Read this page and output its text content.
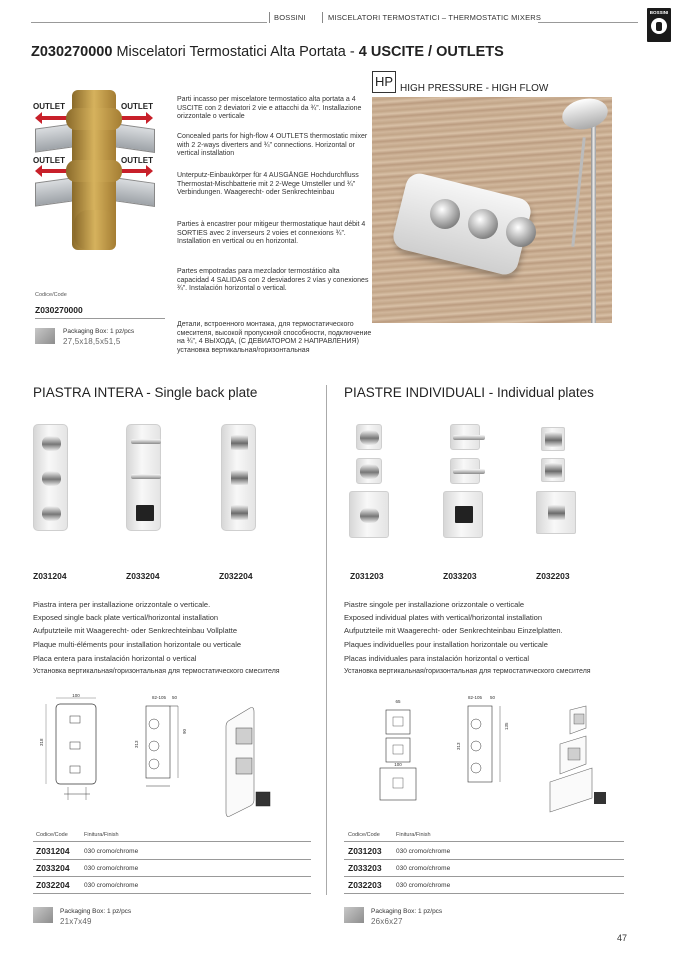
BOSSINI	MISCELATORI TERMOSTATICI – THERMOSTATIC MIXERS
BOSSINI
Z030270000 Miscelatori Termostatici Alta Portata - 4 USCITE / OUTLETS
OUTLET	OUTLET
OUTLET	OUTLET
Codice/Code
Z030270000
Packaging Box: 1 pz/pcs
27,5x18,5x51,5
Parti incasso per miscelatore termostatico alta portata a 4 USCITE con 2 deviatori 2 vie e attacchi da ¾”. Installazione orizzontale o verticale
Concealed parts for high-flow 4 OUTLETS thermostatic mixer with 2 2-ways diverters and ¾” connections. Horizontal or vertical installation
Unterputz-Einbaukörper für 4 AUSGÄNGE Hochdurchfluss Thermostat-Mischbatterie mit 2 2-Wege Umsteller und ¾” Verbindungen. Waagerecht- oder Senkrechteinbau
Parties à encastrer pour mitigeur thermostatique haut débit 4 SORTIES avec 2 inverseurs 2 voies et connexions ¾”. Installation en vertical ou en horizontal.
Partes empotradas para mezclador termostático alta capacidad 4 SALIDAS con 2 desviadores 2 vías y conexiones ¾”. Instalación horizontal o vertical.
Детали, встроенного монтажа, для термостатического смесителя, высокой пропускной способности, подключение на ¾”, 4 ВЫХОДА, (С ДЕВИАТОРОМ 2 НАПРАВЛЕНИЯ) установка вертикальная/горизонтальная
HP HIGH PRESSURE - HIGH FLOW
PIASTRA INTERA - Single back plate	PIASTRE INDIVIDUALI - Individual plates
Z031204	Z033204	Z032204	Z031203	Z033203	Z032203
Piastra intera per installazione orizzontale o verticale.
Exposed single back plate vertical/horizontal installation
Aufputzteile mit Waagerecht- oder Senkrechteinbau Vollplatte
Plaque multi-éléments pour installation horizontale ou verticale
Placa entera para instalación horizontal o vertical
Установка вертикальная/горизонтальная для термостатического смесителя
Piastre singole per installazione orizzontale o verticale
Exposed individual plates with vertical/horizontal installation
Aufputzteile mit Waagerecht- oder Senkrechteinbau Einzelplatten.
Plaques individuelles pour installation horizontale ou verticale
Placas individuales para instalación horizontal o vertical
Установка вертикальная/горизонтальная для термостатического смесителя
100
318
82-105 50
313
90
65
100
82-105 50
313
135
Codice/Code	Finitura/Finish
Z031204 030 cromo/chrome
Z033204 030 cromo/chrome
Z032204 030 cromo/chrome
Codice/Code	Finitura/Finish
Z031203 030 cromo/chrome
Z033203 030 cromo/chrome
Z032203 030 cromo/chrome
Packaging Box: 1 pz/pcs
21x7x49
Packaging Box: 1 pz/pcs
26x6x27
47
